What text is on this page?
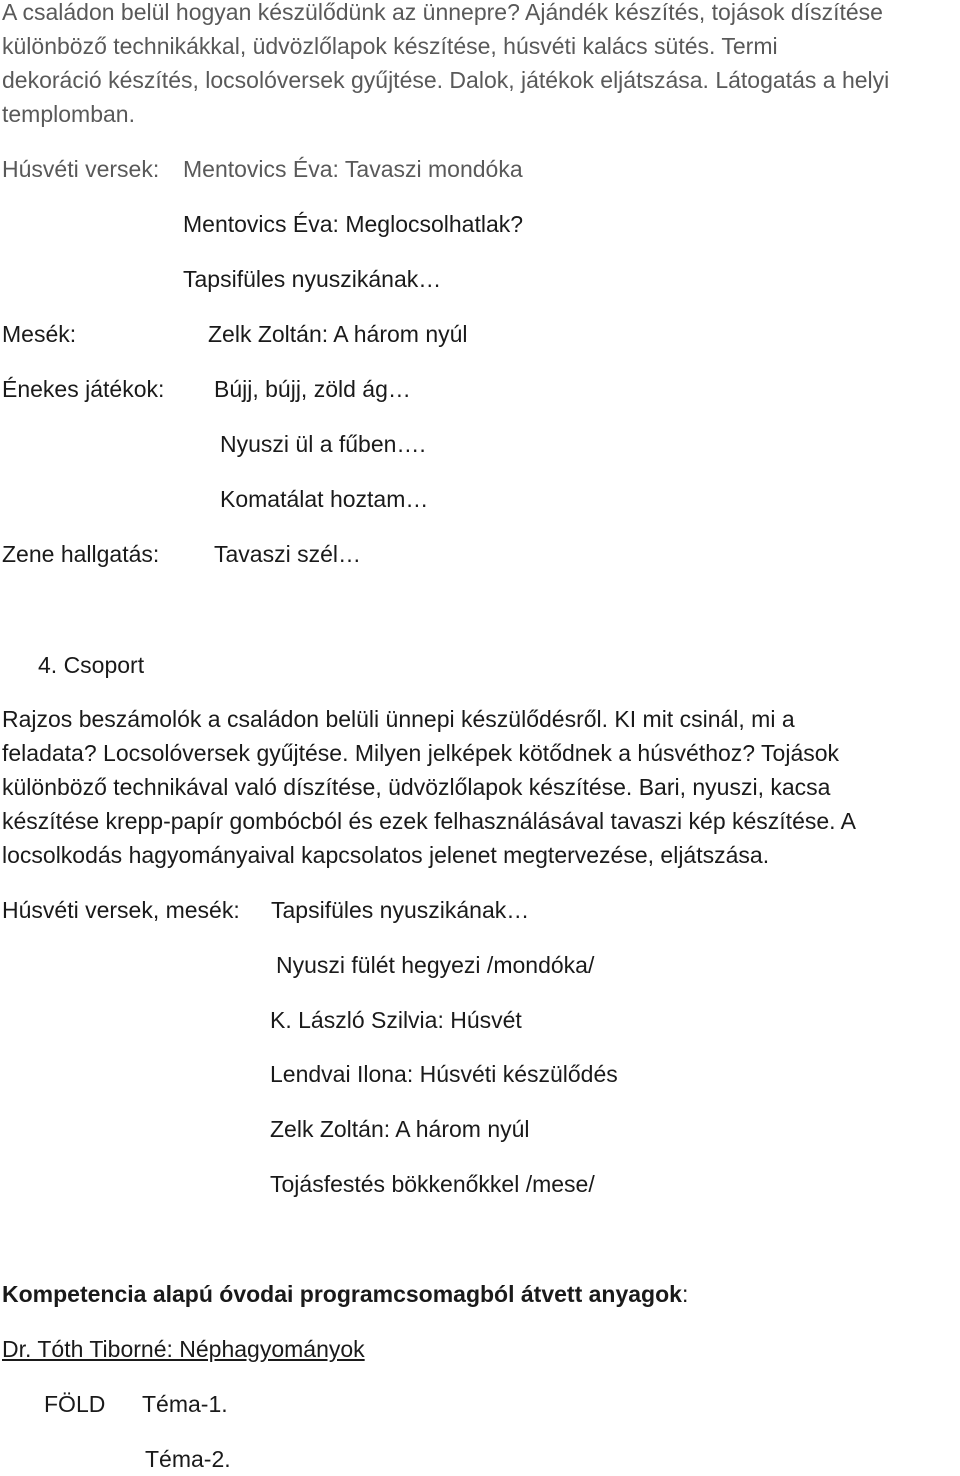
A családon belül hogyan készülődünk az ünnepre? Ajándék készítés, tojások díszítése
különböző technikákkal, üdvözlőlapok készítése, húsvéti kalács sütés. Termi
dekoráció készítés, locsolóversek gyűjtése. Dalok, játékok eljátszása. Látogatás a helyi
templomban.
Húsvéti versek: Mentovics Éva: Tavaszi mondóka
Mentovics Éva: Meglocsolhatlak?
Tapsifüles nyuszikának…
Mesék:	Zelk Zoltán: A három nyúl
Énekes játékok: Bújj, bújj, zöld ág…
Nyuszi ül a fűben….
Komatálat hoztam…
Zene hallgatás: Tavaszi szél…
4. Csoport
Rajzos beszámolók a családon belüli ünnepi készülődésről. KI mit csinál, mi a
feladata? Locsolóversek gyűjtése. Milyen jelképek kötődnek a húsvéthoz? Tojások
különböző technikával való díszítése, üdvözlőlapok készítése. Bari, nyuszi, kacsa
készítése krepp-papír gombócból és ezek felhasználásával tavaszi kép készítése. A
locsolkodás hagyományaival kapcsolatos jelenet megtervezése, eljátszása.
Húsvéti versek, mesék: Tapsifüles nyuszikának…
Nyuszi fülét hegyezi /mondóka/
K. László Szilvia: Húsvét
Lendvai Ilona: Húsvéti készülődés
Zelk Zoltán: A három nyúl
Tojásfestés bökkenőkkel /mese/
Kompetencia alapú óvodai programcsomagból átvett anyagok:
Dr. Tóth Tiborné: Néphagyományok
FÖLD Téma-1.
Téma-2.
